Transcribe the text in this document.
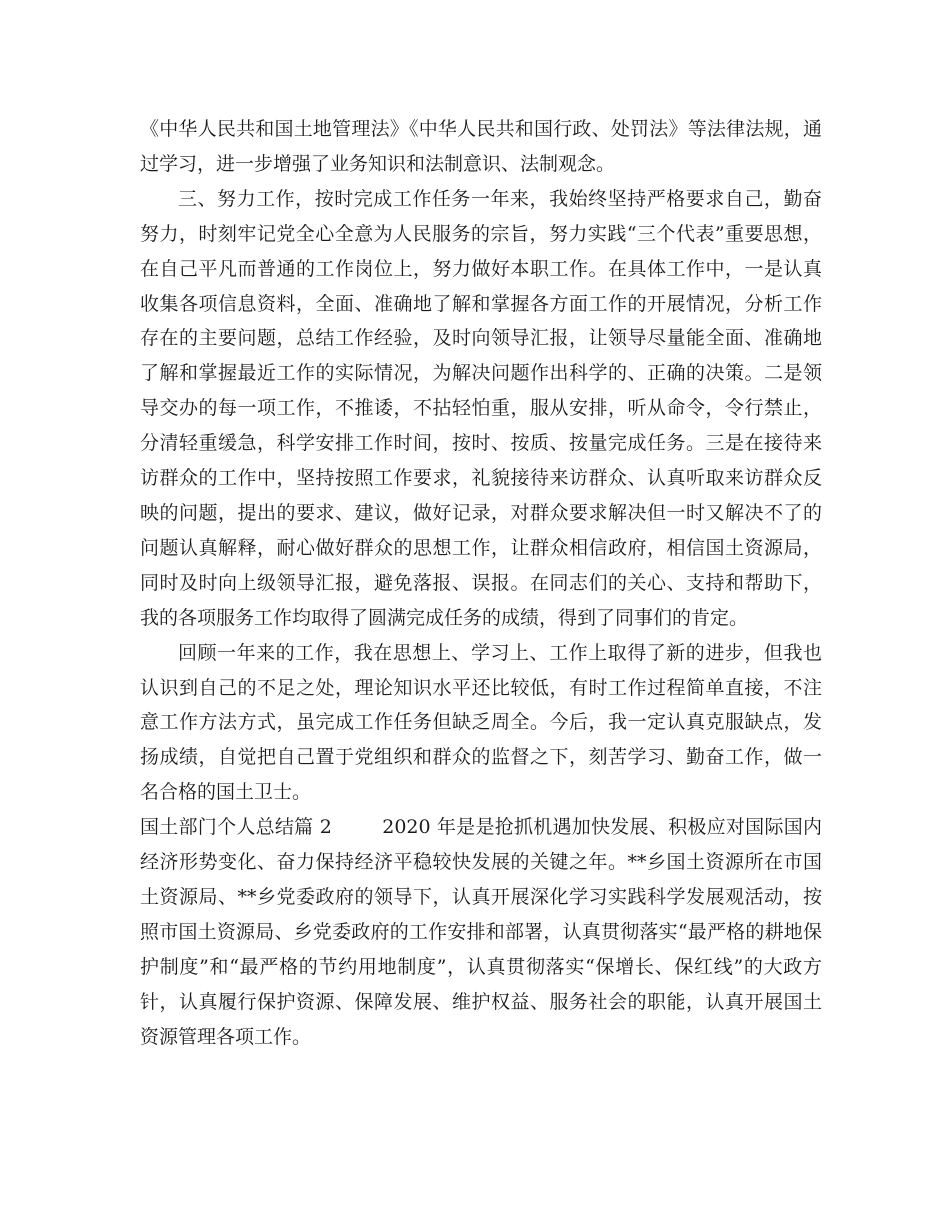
《中华人民共和国土地管理法》《中华人民共和国行政、处罚法》等法律法规，通过学习，进一步增强了业务知识和法制意识、法制观念。

三、努力工作，按时完成工作任务一年来，我始终坚持严格要求自己，勤奋努力，时刻牢记党全心全意为人民服务的宗旨，努力实践“三个代表”重要思想，在自己平凡而普通的工作岗位上，努力做好本职工作。在具体工作中，一是认真收集各项信息资料，全面、准确地了解和掌握各方面工作的开展情况，分析工作存在的主要问题，总结工作经验，及时向领导汇报，让领导尽量能全面、准确地了解和掌握最近工作的实际情况，为解决问题作出科学的、正确的决策。二是领导交办的每一项工作，不推诿，不拈轻怕重，服从安排，听从命令，令行禁止，分清轻重缓急，科学安排工作时间，按时、按质、按量完成任务。三是在接待来访群众的工作中，坚持按照工作要求，礼貌接待来访群众、认真听取来访群众反映的问题，提出的要求、建议，做好记录，对群众要求解决但一时又解决不了的问题认真解释，耐心做好群众的思想工作，让群众相信政府，相信国土资源局，同时及时向上级领导汇报，避免落报、误报。在同志们的关心、支持和帮助下，我的各项服务工作均取得了圆满完成任务的成绩，得到了同事们的肯定。

回顾一年来的工作，我在思想上、学习上、工作上取得了新的进步，但我也认识到自己的不足之处，理论知识水平还比较低，有时工作过程简单直接，不注意工作方法方式，虽完成工作任务但缺乏周全。今后，我一定认真克服缺点，发扬成绩，自觉把自己置于党组织和群众的监督之下，刻苦学习、勤奋工作，做一名合格的国土卫士。

国土部门个人总结篇 2	2020 年是是抢抓机遇加快发展、积极应对国际国内经济形势变化、奋力保持经济平稳较快发展的关键之年。**乡国土资源所在市国土资源局、**乡党委政府的领导下，认真开展深化学习实践科学发展观活动，按照市国土资源局、乡党委政府的工作安排和部署，认真贯彻落实“最严格的耕地保护制度”和“最严格的节约用地制度”，认真贯彻落实“保增长、保红线”的大政方针，认真履行保护资源、保障发展、维护权益、服务社会的职能，认真开展国土资源管理各项工作。
